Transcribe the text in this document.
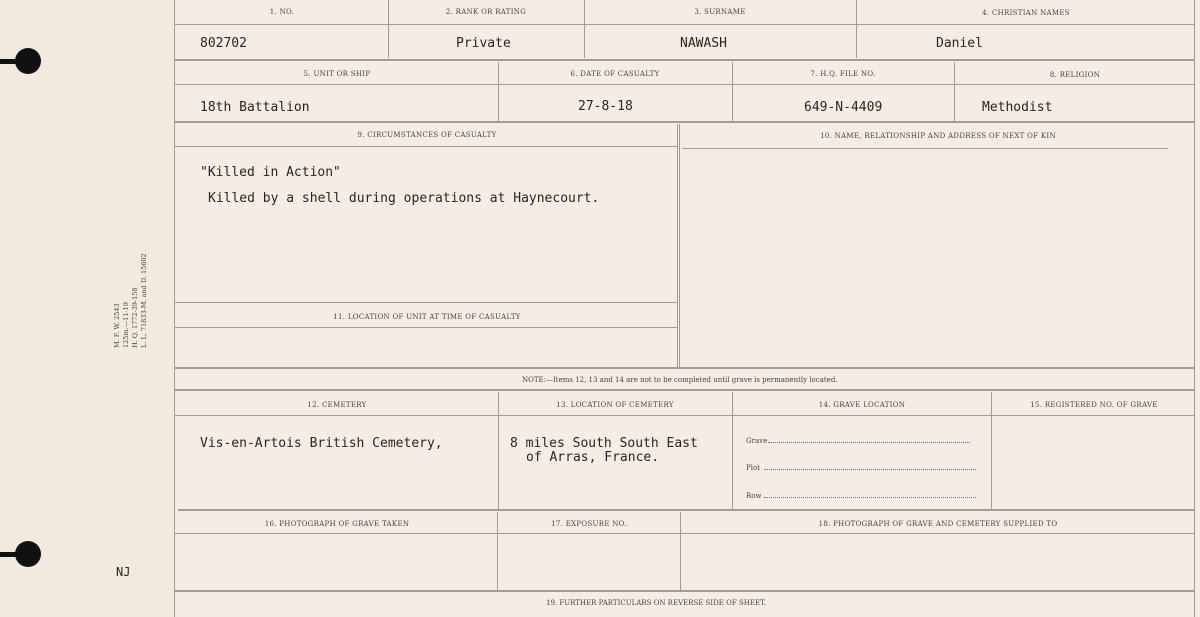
M. F. W. 2543 125m.—11-19 H. Q. 1772-39-158 L. L. 71833-M. and D. 15602
NJ
1. NO.	2. RANK OR RATING	3. SURNAME	4. CHRISTIAN NAMES
802702	Private	NAWASH	Daniel
5. UNIT OR SHIP	6. DATE OF CASUALTY	7. H.Q. FILE NO.	8. RELIGION
18th Battalion	27-8-18	649-N-4409	Methodist
9. CIRCUMSTANCES OF CASUALTY	10. NAME, RELATIONSHIP AND ADDRESS OF NEXT OF KIN
"Killed in Action"
Killed by a shell during operations at Haynecourt.
11. LOCATION OF UNIT AT TIME OF CASUALTY
NOTE:—Items 12, 13 and 14 are not to be completed until grave is permanently located.
12. CEMETERY	13. LOCATION OF CEMETERY	14. GRAVE LOCATION	15. REGISTERED NO. OF GRAVE
Vis-en-Artois British Cemetery,	8 miles South South East
of Arras, France.
Grave
Plot
Row
16. PHOTOGRAPH OF GRAVE TAKEN	17. EXPOSURE NO.	18. PHOTOGRAPH OF GRAVE AND CEMETERY SUPPLIED TO
19. FURTHER PARTICULARS ON REVERSE SIDE OF SHEET.
